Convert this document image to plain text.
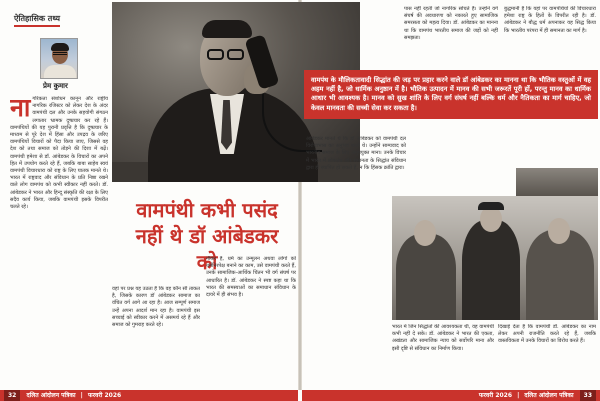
ऐतिहासिक तथ्य
प्रेम कुमार
ना गरिकता संशोधन कानून और राष्ट्रीय नागरिक रजिस्टर को लेकर देश के अंदर वामपंथी दल और उनके सहयोगी संगठन लगातार भ्रामक दुष्प्रचार कर रहे हैं। वामपंथियों की यह पुरानी प्रवृत्ति है कि दुष्प्रचार के माध्यम से पूरे देश में हिंसा और उपद्रव के जरिए वामपंथियों विचारों को पैदा किया जाए, जिससे वह देश को तथा समाज को तोड़ने की दिशा में बढ़ें। वामपंथी हमेशा से डॉ. आंबेडकर के विचारों का अपने हित में उपयोग करते रहे हैं, जबकि बाबा साहेब स्वयं वामपंथी विचारधारा को राष्ट्र के लिए घातक मानते थे। भारत में राष्ट्रवाद और संविधान के प्रति निष्ठा रखने वाले लोग वामपंथ को कभी स्वीकार नहीं करते। डॉ. आंबेडकर ने भारत और हिन्दू संस्कृति की रक्षा के लिए सदैव कार्य किया, जबकि वामपंथी इसके विपरीत चलते रहे।	वामपंथी कभी पसंद नहीं थे डॉ आंबेडकर को
वहां पर प्रश्न यह उठता है कि वह कौन सी ताकत है, जिसके कारण डॉ आंबेडकर सामाज का वंचित वर्ग आगे आ रहा है। आज सम्पूर्ण समाज उन्हें अपना आदर्श मान रहा है। वामपंथी इस सच्चाई को स्वीकार करने में असमर्थ रहे हैं और समाज को गुमराह करते रहे।
नौकर है, धर्म का उन्मूलन अथवा लोगों को धर्मनिरपेक्ष बनाने का काम, उसे वामपंथी करते हैं, उनके सामाजिक-आर्थिक चिंतन भी वर्ग संघर्ष पर आधारित है। डॉ. आंबेडकर ने स्पष्ट कहा था कि भारत की समस्याओं का समाधान संविधान के दायरे में ही संभव है।
पास नहीं रहती जो नागरिक सोचते हैं। उन्होंने वर्ग संघर्ष की अवधारणा को नकारते हुए सामाजिक समरसता को महत्व दिया। डॉ. आंबेडकर का मानना था कि वामपंथ भारतीय समाज की जड़ों को नहीं समझता।
बुद्धमानी है कि यहां पर वामपंथियों की विचारधारा हमेशा राष्ट्र के हितों के विपरीत रही है। डॉ. आंबेडकर ने बौद्ध धर्म अपनाकर यह सिद्ध किया कि भारतीय परंपरा में ही समानता का मार्ग है।
वामपंथ के मौलिकतावादी सिद्धांत की जड़ पर प्रहार करने वाले डॉ आंबेडकर का मानना था कि भौतिक वस्तुओं में वह अहम नहीं है, जो धार्मिक अनुष्ठान में है। भौतिक उत्पादन में मानव की सभी जरूरतें पूरी हों, परन्तु मानव का धार्मिक आधार भी आवश्यक है। मानव को सुख शांति के लिए वर्ग संघर्ष नहीं बल्कि धर्म और नैतिकता का मार्ग चाहिए, जो केवल मानवता की सच्ची सेवा कर सकता है।
आंबेडकर मानते थे कि डॉ आंबेडकर को वामपंथी दल विरोधाभास का अनुभव करते थे। उन्होंने साम्यवाद को भारतीय समाज के लिए अनुपयुक्त माना। उनके विचार में भारत में लोकतंत्र और समानता के सिद्धांत संविधान द्वारा ही स्थापित हो सकते हैं, न कि हिंसक क्रांति द्वारा।
भारत में जिन सिद्धांतों की आवश्यकता थी, वह वामपंथी कभी नहीं दे सके। डॉ. आंबेडकर ने भारत की एकता, अखंडता और सामाजिक न्याय को सर्वोपरि माना और इसी दृष्टि से संविधान का निर्माण किया।
दिखाई देता है कि वामपंथी डॉ. आंबेडकर का नाम लेकर अपनी राजनीति करते रहे हैं, जबकि वास्तविकता में उनके विचारों का विरोध करते हैं।
32 दलित आंदोलन पत्रिका | फरवरी 2026	फरवरी 2026 | दलित आंदोलन पत्रिका 33
